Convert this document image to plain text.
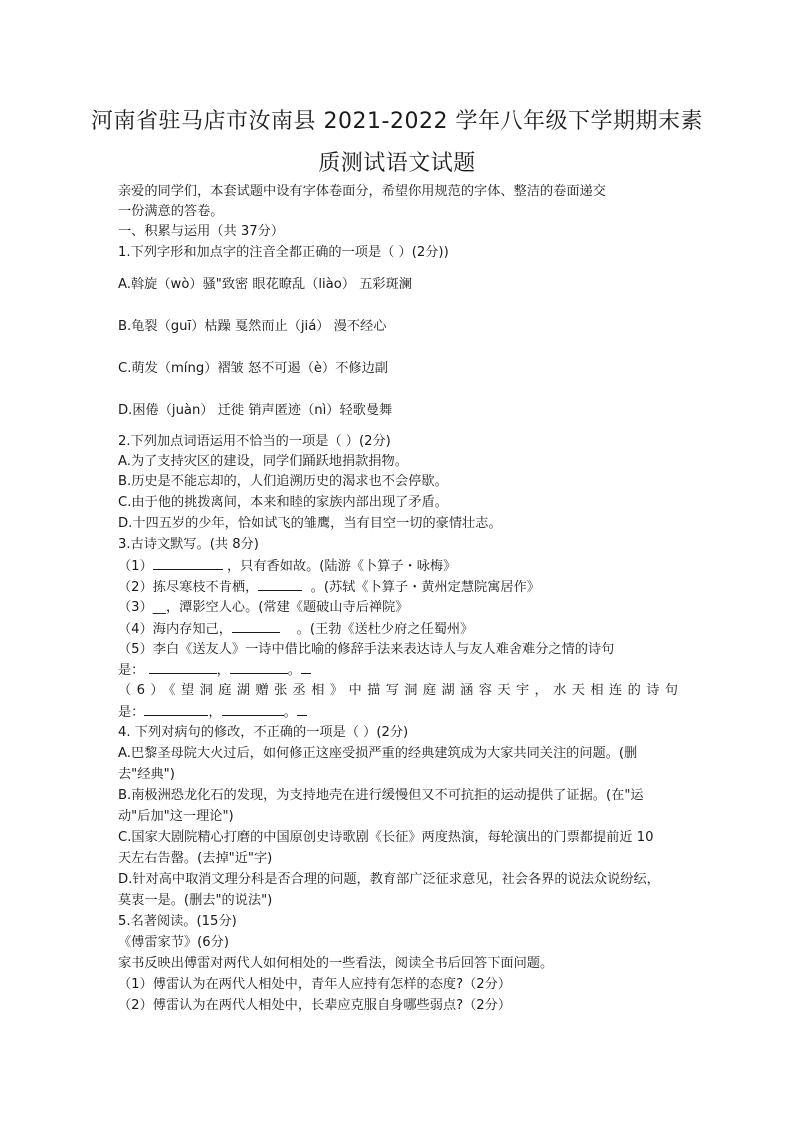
河南省驻马店市汝南县 2021-2022 学年八年级下学期期末素
质测试语文试题
亲爱的同学们，本套试题中设有字体卷面分，希望你用规范的字体、整洁的卷面递交
一份满意的答卷。
一、积累与运用（共 37分）
1.下列字形和加点字的注音全都正确的一项是（ ）(2分))
A.斡旋（wò）骚"致密 眼花瞭乱（liào） 五彩斑澜
B.龟裂（guī）枯躁 戛然而止（jiá） 漫不经心
C.萌发（míng）褶皱 怒不可遏（è）不修边副
D.困倦（juàn） 迁徙 销声匿迹（nì）轻歌曼舞
2.下列加点词语运用不恰当的一项是（ ）(2分)
A.为了支持灾区的建设，同学们踊跃地捐款捐物。
B.历史是不能忘却的，人们追溯历史的渴求也不会停歇。
C.由于他的挑拨离间，本来和睦的家族内部出现了矛盾。
D.十四五岁的少年，恰如试飞的雏鹰，当有目空一切的豪情壮志。
3.古诗文默写。(共 8分)
（1）	，只有香如故。(陆游《卜算子・咏梅》
（2）拣尽寒枝不肯栖，	。(苏轼《卜算子・黄州定慧院寓居作》
（3）__，潭影空人心。(常建《题破山寺后禅院》
（4）海内存知己，	。(王勃《送杜少府之任蜀州》
（5）李白《送友人》一诗中借比喻的修辞手法来表达诗人与友人难舍难分之情的诗句
是：	，	。
（6）《望洞庭湖赠张丞相》中描写洞庭湖涵容天宇，水天相连的诗句
是：	，	。
4. 下列对病句的修改，不正确的一项是（ ）(2分)
A.巴黎圣母院大火过后，如何修正这座受损严重的经典建筑成为大家共同关注的问题。(删
去"经典")
B.南极洲恐龙化石的发现，为支持地壳在进行缓慢但又不可抗拒的运动提供了证据。(在"运
动"后加"这一理论")
C.国家大剧院精心打磨的中国原创史诗歌剧《长征》两度热演，每轮演出的门票都提前近 10
天左右告罄。(去掉"近"字)
D.针对高中取消文理分科是否合理的问题，教育部广泛征求意见，社会各界的说法众说纷纭，
莫衷一是。(删去"的说法")
5.名著阅读。(15分)
《傅雷家节》(6分)
家书反映出傅雷对两代人如何相处的一些看法，阅读全书后回答下面问题。
（1）傅雷认为在两代人相处中，青年人应持有怎样的态度?（2分）
（2）傅雷认为在两代人相处中，长辈应克服自身哪些弱点?（2分）
